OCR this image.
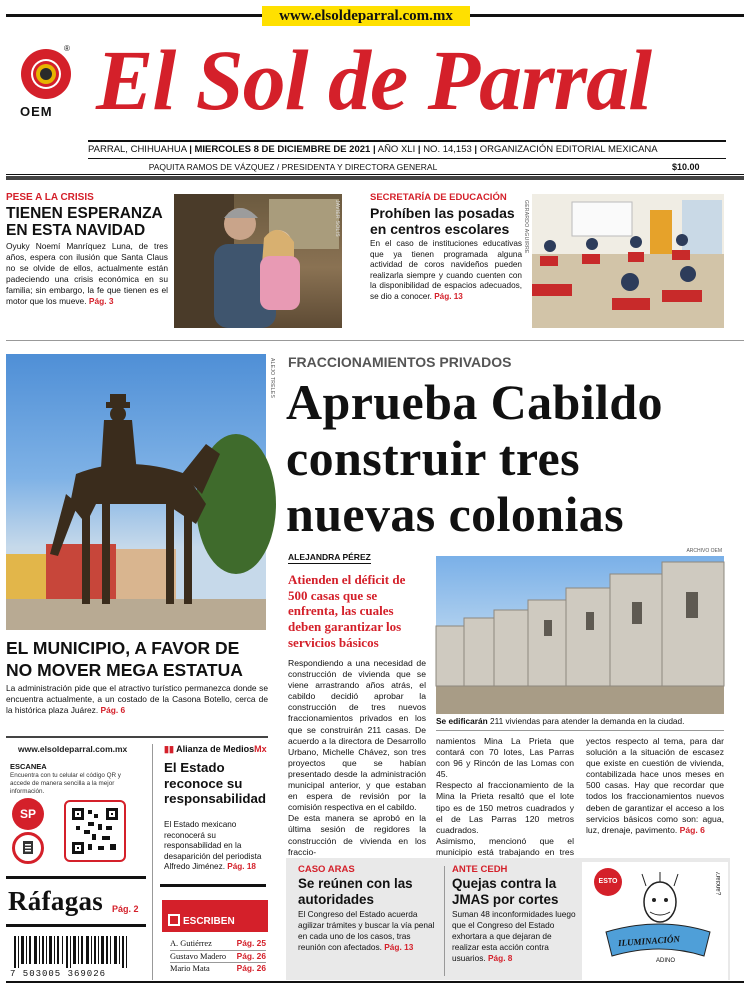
www.elsoldeparral.com.mx
®
OEM El Sol de Parral
PARRAL, CHIHUAHUA | MIERCOLES 8 DE DICIEMBRE DE 2021 | AÑO XLI | NO. 14,153 | ORGANIZACIÓN EDITORIAL MEXICANA
PAQUITA RAMOS DE VÁZQUEZ / PRESIDENTA Y DIRECTORA GENERAL	$10.00
PESE A LA CRISIS
TIENEN ESPERANZA EN ESTA NAVIDAD
Oyuky Noemí Manríquez Luna, de tres años, espera con ilusión que Santa Claus no se olvide de ellos, actualmente están padeciendo una crisis económica en su familia; sin embargo, la fe que tienen es el motor que los mueve. Pág. 3
JAVIER SOLIS
SECRETARÍA DE EDUCACIÓN
Prohíben las posadas en centros escolares
En el caso de instituciones educativas que ya tienen programada alguna actividad de coros navideños pueden realizarla siempre y cuando cuenten con la disponibilidad de espacios adecuados, se dio a conocer. Pág. 13
GERARDO AGUIRRE
ALEJO TRELES
EL MUNICIPIO, A FAVOR DE NO MOVER MEGA ESTATUA
La administración pide que el atractivo turístico permanezca donde se encuentra actualmente, a un costado de la Casona Botello, cerca de la histórica plaza Juárez. Pág. 6
FRACCIONAMIENTOS PRIVADOS
Aprueba Cabildo construir tres nuevas colonias
ALEJANDRA PÉREZ
Atienden el déficit de 500 casas que se enfrenta, las cuales deben garantizar los servicios básicos
ARCHIVO OEM
Se edificarán 211 viviendas para atender la demanda en la ciudad.
Respondiendo a una necesidad de construcción de vivienda que se viene arrastrando años atrás, el cabildo decidió aprobar la construcción de tres nuevos fraccionamientos privados en los que se construirán 211 casas. De acuerdo a la directora de Desarrollo Urbano, Michelle Chávez, son tres proyectos que se habían presentado desde la administración municipal anterior, y que estaban en espera de revisión por la comisión respectiva en el cabildo.
De esta manera se aprobó en la última sesión de regidores la construcción de vivienda en los fraccio-
namientos Mina La Prieta que contará con 70 lotes, Las Parras con 96 y Rincón de las Lomas con 45.
Respecto al fraccionamiento de la Mina la Prieta resaltó que el lote tipo es de 150 metros cuadrados y el de Las Parras 120 metros cuadrados.
Asimismo, mencionó que el municipio está trabajando en tres
yectos respecto al tema, para dar solución a la situación de escasez que existe en cuestión de vivienda, contabilizada hace unos meses en 500 casas. Hay que recordar que todos los fraccionamientos nuevos deben de garantizar el acceso a los servicios básicos como son: agua, luz, drenaje, pavimento. Pág. 6
www.elsoldeparral.com.mx
ESCANEA
Encuentra con tu celular el código QR y accede de manera sencilla a la mejor información.
SP
Ráfagas Pág. 2
7 503005 369026
▮▮ Alianza de MediosMx
El Estado reconoce su responsabilidad
El Estado mexicano reconocerá su responsabilidad en la desaparición del periodista Alfredo Jiménez. Pág. 18
ESCRIBEN
A. Gutiérrez	Pág. 25
Gustavo Madero Pág. 26
Mario Mata	Pág. 26
CASO ARAS
Se reúnen con las autoridades
El Congreso del Estado acuerda agilizar trámites y buscar la vía penal en cada uno de los casos, tras reunión con afectados. Pág. 13
ANTE CEDH
Quejas contra la JMAS por cortes
Suman 48 inconformidades luego que el Congreso del Estado exhortara a que dejaran de realizar esta acción contra usuarios. Pág. 8
ESTO
ILUMINACIÓN
ADINO
¿anclar?
